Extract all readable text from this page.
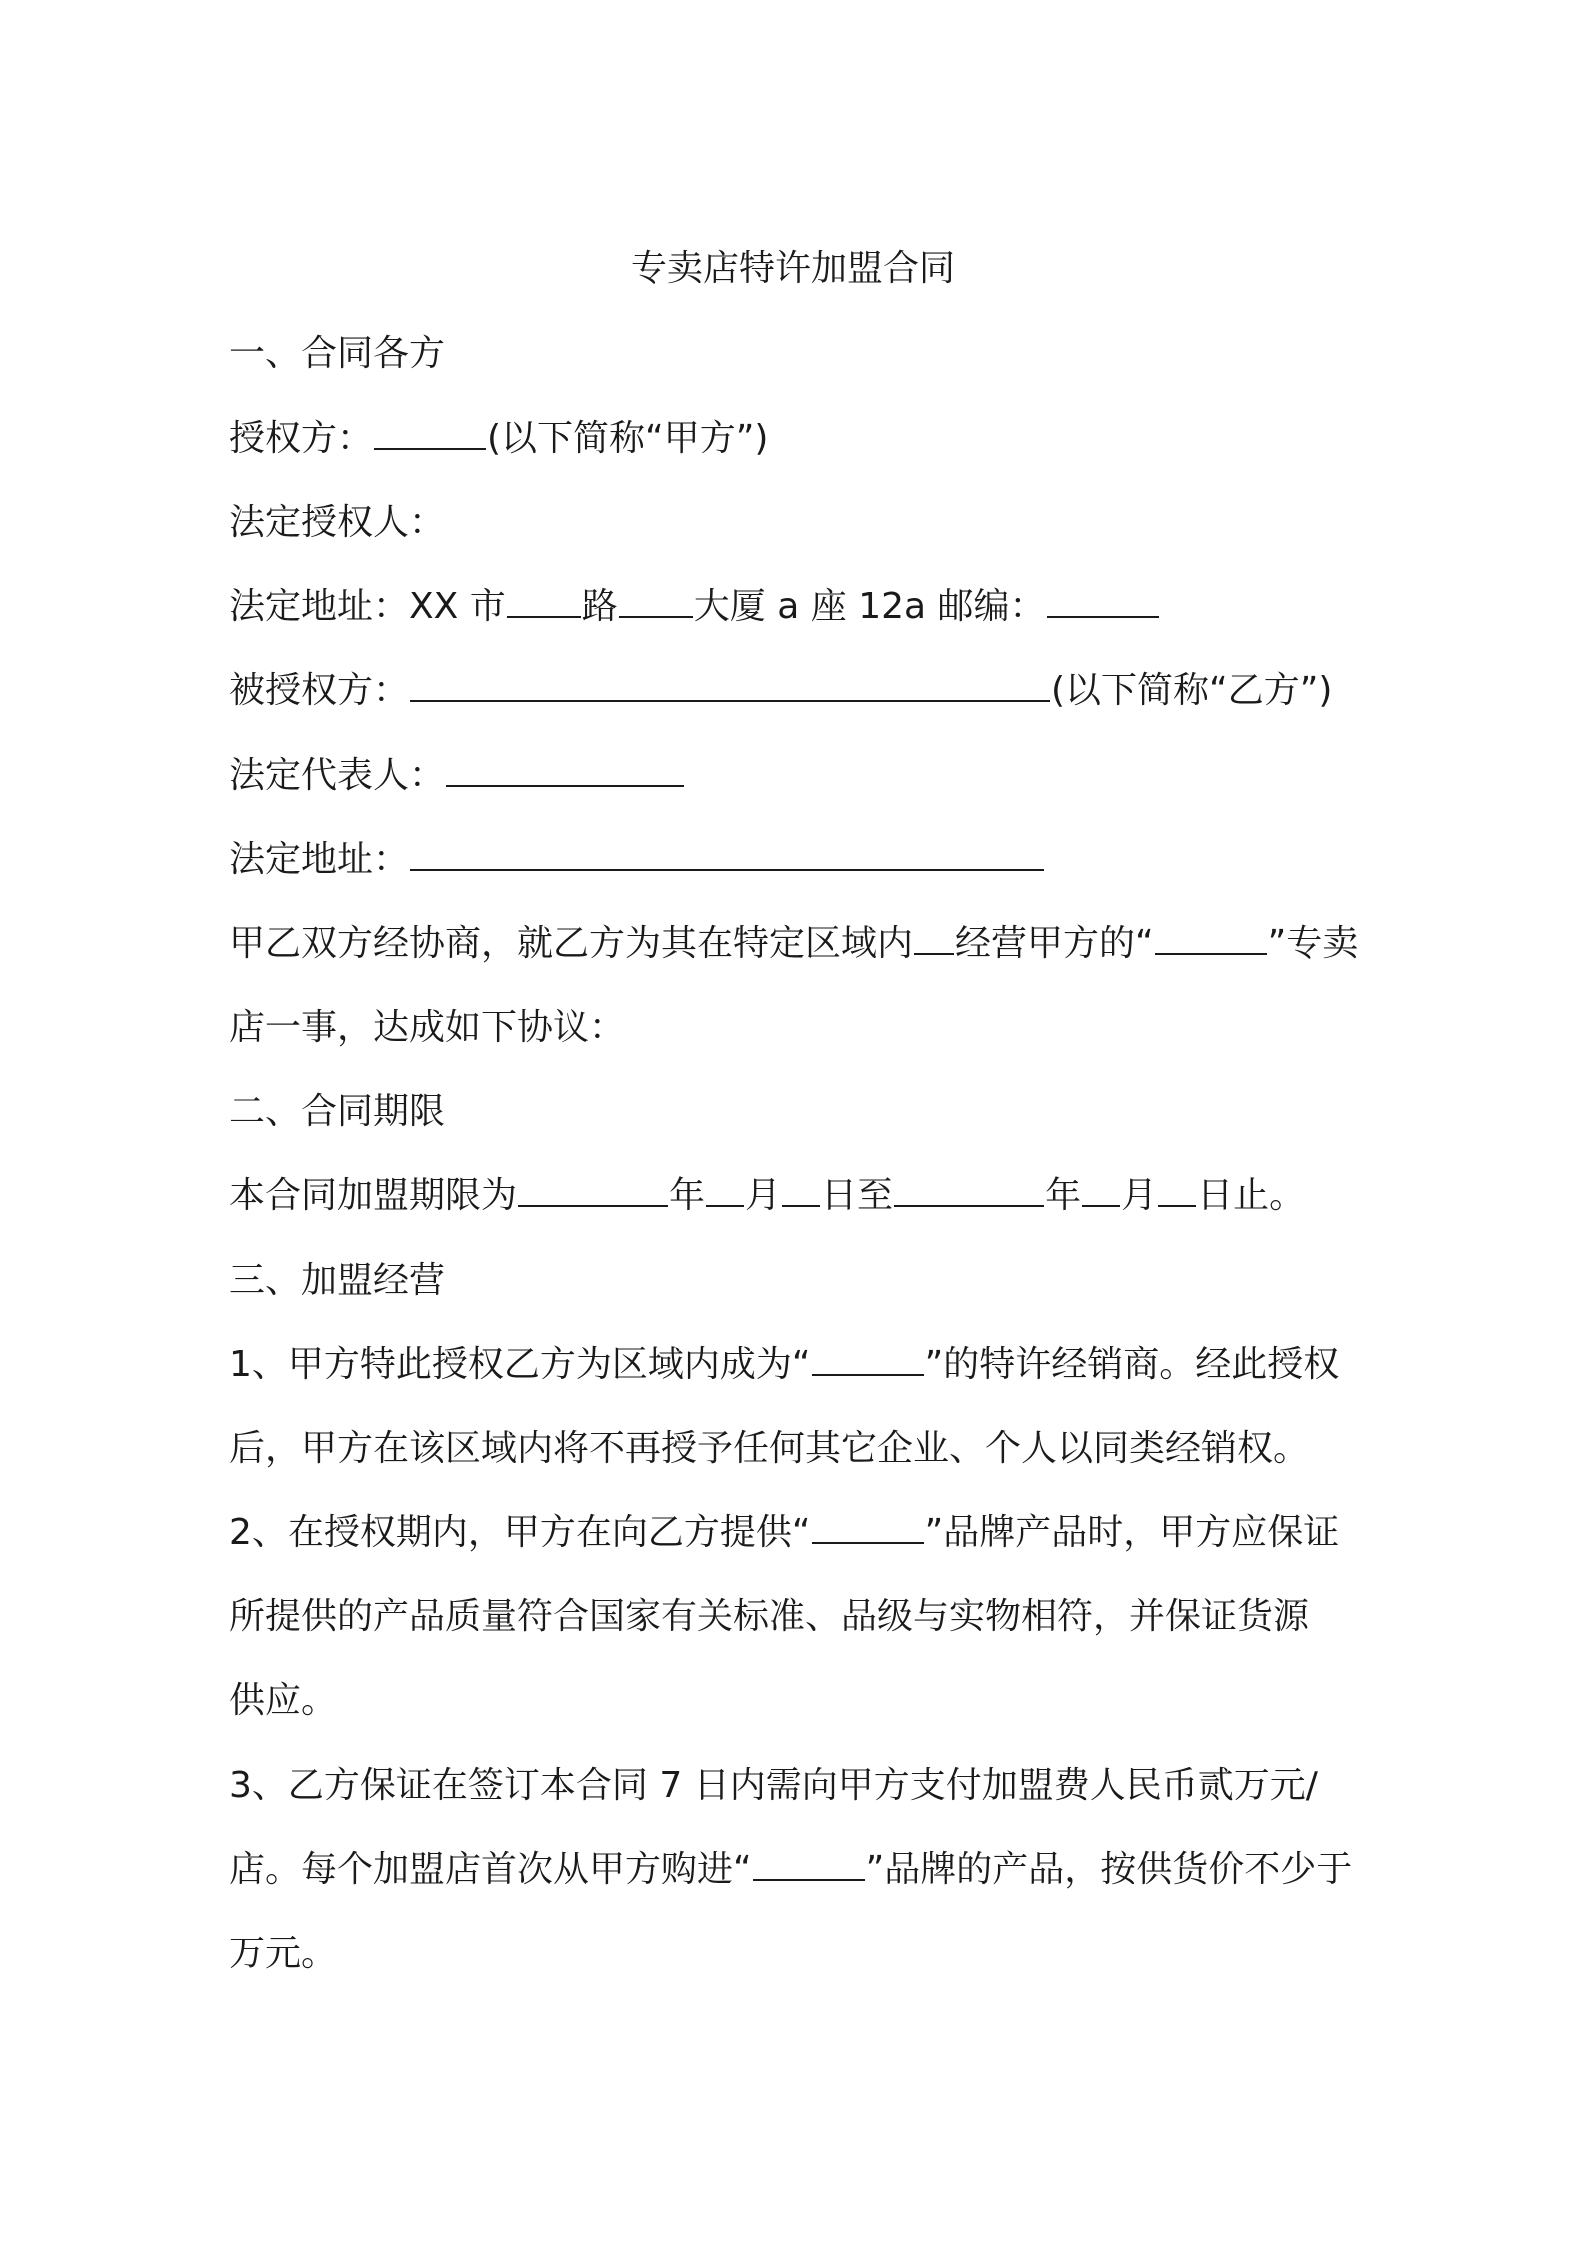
专卖店特许加盟合同
一、合同各方
授权方：	(以下简称“甲方”)
法定授权人：
法定地址：XX 市 路 大厦 a 座 12a 邮编：
被授权方：	(以下简称“乙方”)
法定代表人：
法定地址：
甲乙双方经协商，就乙方为其在特定区域内 经营甲方的“	”专卖
店一事，达成如下协议：
二、合同期限
本合同加盟期限为	年 月 日至	年 月 日止。
三、加盟经营
1、甲方特此授权乙方为区域内成为“	”的特许经销商。经此授权
后，甲方在该区域内将不再授予任何其它企业、个人以同类经销权。
2、在授权期内，甲方在向乙方提供“	”品牌产品时，甲方应保证
所提供的产品质量符合国家有关标准、品级与实物相符，并保证货源
供应。
3、乙方保证在签订本合同 7 日内需向甲方支付加盟费人民币贰万元/
店。每个加盟店首次从甲方购进“	”品牌的产品，按供货价不少于
万元。
